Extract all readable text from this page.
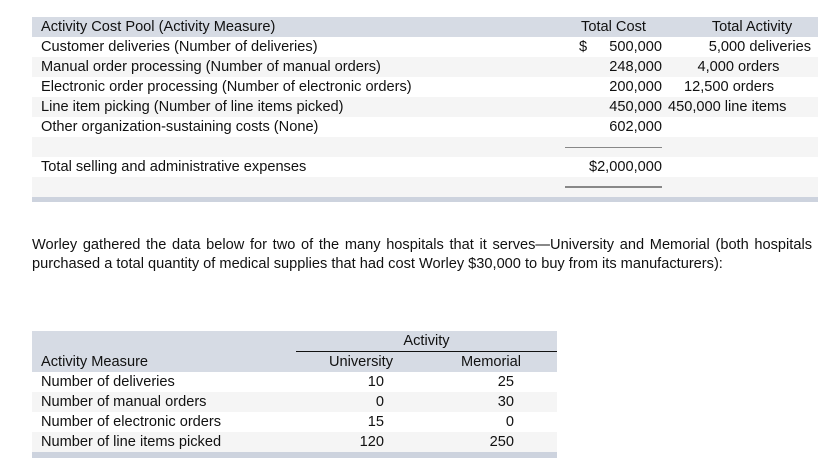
Activity Cost Pool (Activity Measure)	Total Cost	Total Activity
Customer deliveries (Number of deliveries)	$	500,000	5,000 deliveries
Manual order processing (Number of manual orders)	248,000 4,000 orders
Electronic order processing (Number of electronic orders)	200,000 12,500 orders
Line item picking (Number of line items picked)	450,000 450,000 line items
Other organization-sustaining costs (None)	602,000
Total selling and administrative expenses	$2,000,000
Worley gathered the data below for two of the many hospitals that it serves—University and Memorial (both hospitals purchased a total quantity of medical supplies that had cost Worley $30,000 to buy from its manufacturers):
Activity
Activity Measure	University	Memorial
Number of deliveries	10	25
Number of manual orders	0	30
Number of electronic orders	15	0
Number of line items picked	120	250
